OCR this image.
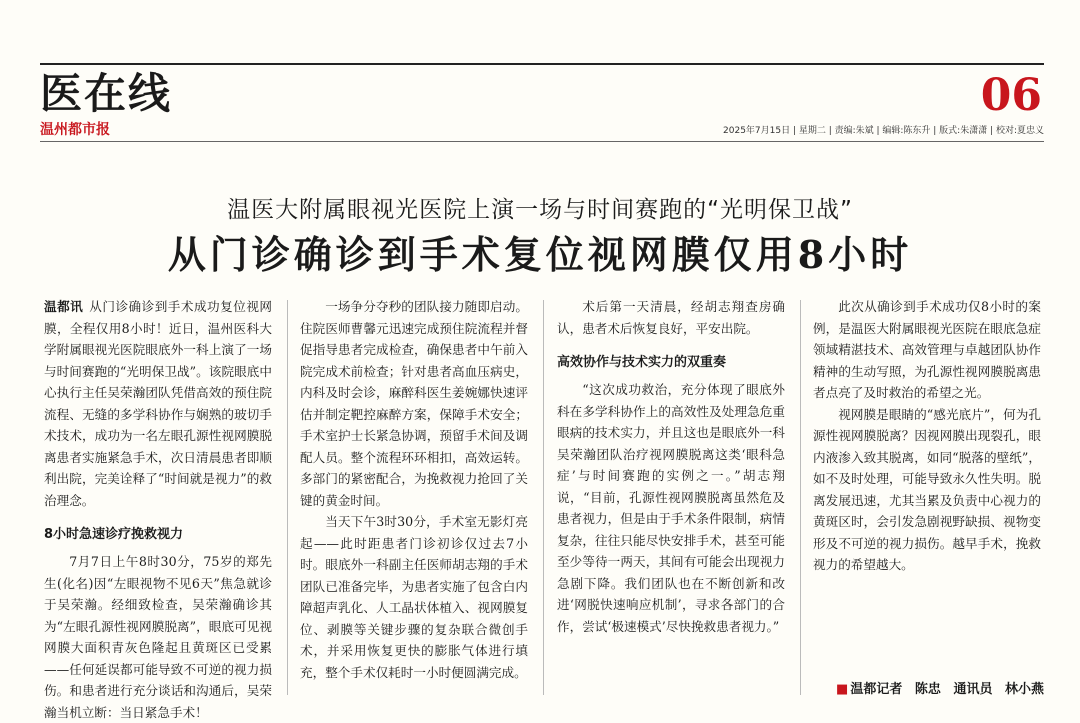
医在线
温州都市报
06
2025年7月15日 | 星期二 | 责编:朱斌 | 编辑:陈东升 | 版式:朱潇潇 | 校对:夏忠义
温医大附属眼视光医院上演一场与时间赛跑的“光明保卫战”
从门诊确诊到手术复位视网膜仅用8小时

温都讯 从门诊确诊到手术成功复位视网膜，全程仅用8小时！近日，温州医科大学附属眼视光医院眼底外一科上演了一场与时间赛跑的“光明保卫战”。该院眼底中心执行主任吴荣瀚团队凭借高效的预住院流程、无缝的多学科协作与娴熟的玻切手术技术，成功为一名左眼孔源性视网膜脱离患者实施紧急手术，次日清晨患者即顺利出院，完美诠释了“时间就是视力”的救治理念。

8小时急速诊疗挽救视力

7月7日上午8时30分，75岁的郑先生(化名)因“左眼视物不见6天”焦急就诊于吴荣瀚。经细致检查，吴荣瀚确诊其为“左眼孔源性视网膜脱离”，眼底可见视网膜大面积青灰色隆起且黄斑区已受累——任何延误都可能导致不可逆的视力损伤。和患者进行充分谈话和沟通后，吴荣瀚当机立断：当日紧急手术！

一场争分夺秒的团队接力随即启动。住院医师曹馨元迅速完成预住院流程并督促指导患者完成检查，确保患者中午前入院完成术前检查；针对患者高血压病史，内科及时会诊，麻醉科医生姜婉娜快速评估并制定靶控麻醉方案，保障手术安全；手术室护士长紧急协调，预留手术间及调配人员。整个流程环环相扣，高效运转。多部门的紧密配合，为挽救视力抢回了关键的黄金时间。

当天下午3时30分，手术室无影灯亮起——此时距患者门诊初诊仅过去7小时。眼底外一科副主任医师胡志翔的手术团队已准备完毕，为患者实施了包含白内障超声乳化、人工晶状体植入、视网膜复位、剥膜等关键步骤的复杂联合微创手术，并采用恢复更快的膨胀气体进行填充，整个手术仅耗时一小时便圆满完成。

术后第一天清晨，经胡志翔查房确认，患者术后恢复良好，平安出院。

高效协作与技术实力的双重奏

“这次成功救治，充分体现了眼底外科在多学科协作上的高效性及处理急危重眼病的技术实力，并且这也是眼底外一科吴荣瀚团队治疗视网膜脱离这类‘眼科急症’与时间赛跑的实例之一。”胡志翔说，“目前，孔源性视网膜脱离虽然危及患者视力，但是由于手术条件限制，病情复杂，往往只能尽快安排手术，甚至可能至少等待一两天，其间有可能会出现视力急剧下降。我们团队也在不断创新和改进‘网脱快速响应机制’，寻求各部门的合作，尝试‘极速模式’尽快挽救患者视力。”

此次从确诊到手术成功仅8小时的案例，是温医大附属眼视光医院在眼底急症领域精湛技术、高效管理与卓越团队协作精神的生动写照，为孔源性视网膜脱离患者点亮了及时救治的希望之光。

视网膜是眼睛的“感光底片”，何为孔源性视网膜脱离？因视网膜出现裂孔，眼内液渗入致其脱离，如同“脱落的壁纸”，如不及时处理，可能导致永久性失明。脱离发展迅速，尤其当累及负责中心视力的黄斑区时，会引发急剧视野缺损、视物变形及不可逆的视力损伤。越早手术，挽救视力的希望越大。

■ 温都记者 陈忠 通讯员 林小燕
